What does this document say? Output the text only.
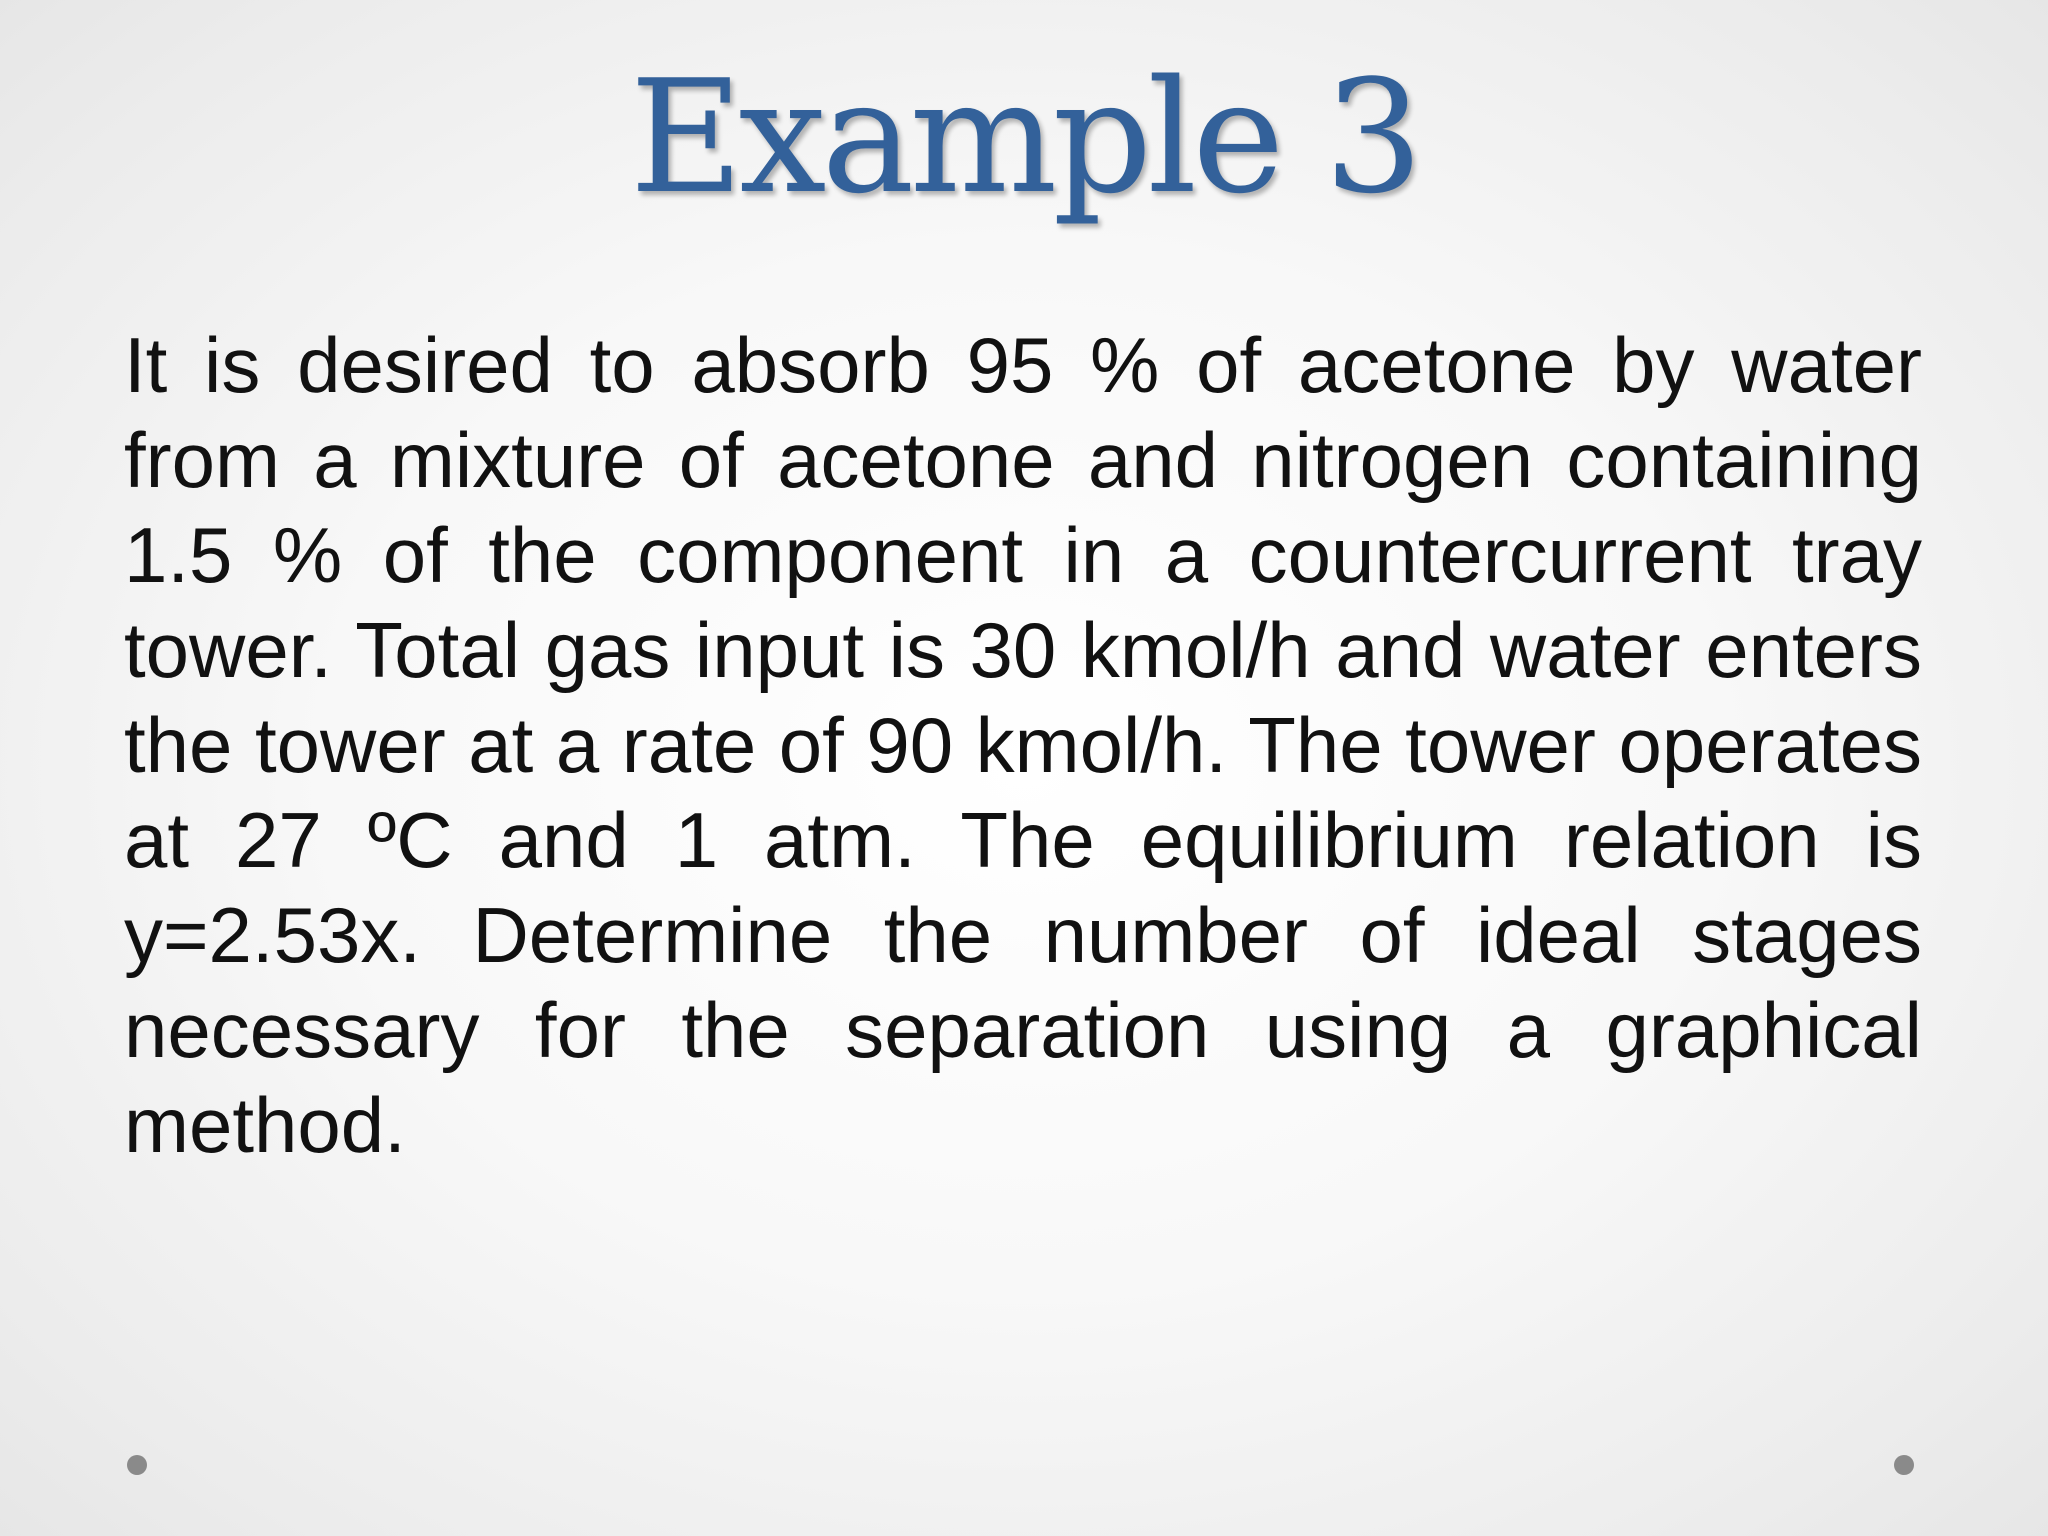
Example 3

It is desired to absorb 95 % of acetone by water from a mixture of acetone and nitrogen containing 1.5 % of the component in a countercurrent tray tower. Total gas input is 30 kmol/h and water enters the tower at a rate of 90 kmol/h. The tower operates at 27 ºC and 1 atm. The equilibrium relation is y=2.53x. Determine the number of ideal stages necessary for the separation using a graphical method.
